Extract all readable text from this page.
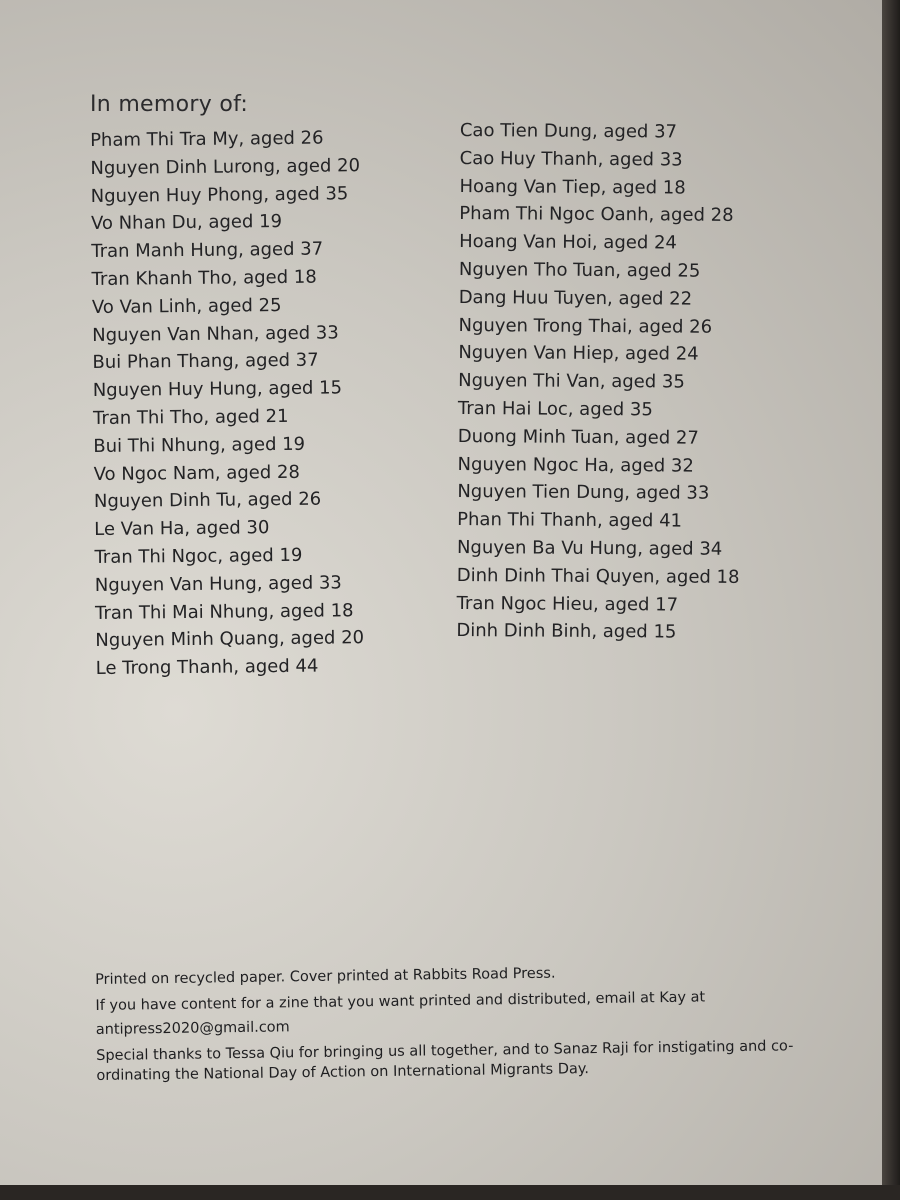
In memory of:
Pham Thi Tra My, aged 26
Nguyen Dinh Lurong, aged 20
Nguyen Huy Phong, aged 35
Vo Nhan Du, aged 19
Tran Manh Hung, aged 37
Tran Khanh Tho, aged 18
Vo Van Linh, aged 25
Nguyen Van Nhan, aged 33
Bui Phan Thang, aged 37
Nguyen Huy Hung, aged 15
Tran Thi Tho, aged 21
Bui Thi Nhung, aged 19
Vo Ngoc Nam, aged 28
Nguyen Dinh Tu, aged 26
Le Van Ha, aged 30
Tran Thi Ngoc, aged 19
Nguyen Van Hung, aged 33
Tran Thi Mai Nhung, aged 18
Nguyen Minh Quang, aged 20
Le Trong Thanh, aged 44
Cao Tien Dung, aged 37
Cao Huy Thanh, aged 33
Hoang Van Tiep, aged 18
Pham Thi Ngoc Oanh, aged 28
Hoang Van Hoi, aged 24
Nguyen Tho Tuan, aged 25
Dang Huu Tuyen, aged 22
Nguyen Trong Thai, aged 26
Nguyen Van Hiep, aged 24
Nguyen Thi Van, aged 35
Tran Hai Loc, aged 35
Duong Minh Tuan, aged 27
Nguyen Ngoc Ha, aged 32
Nguyen Tien Dung, aged 33
Phan Thi Thanh, aged 41
Nguyen Ba Vu Hung, aged 34
Dinh Dinh Thai Quyen, aged 18
Tran Ngoc Hieu, aged 17
Dinh Dinh Binh, aged 15

Printed on recycled paper. Cover printed at Rabbits Road Press.

If you have content for a zine that you want printed and distributed, email at Kay at

antipress2020@gmail.com

Special thanks to Tessa Qiu for bringing us all together, and to Sanaz Raji for instigating and co-ordinating the National Day of Action on International Migrants Day.
